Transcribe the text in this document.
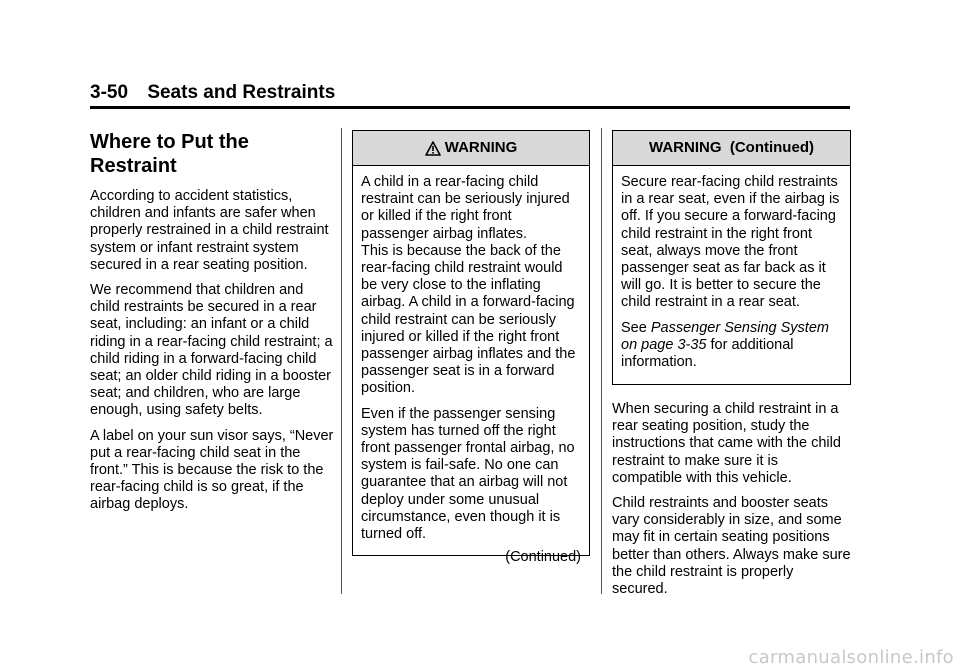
3-50 Seats and Restraints
Where to Put the Restraint

According to accident statistics, children and infants are safer when properly restrained in a child restraint system or infant restraint system secured in a rear seating position.

We recommend that children and child restraints be secured in a rear seat, including: an infant or a child riding in a rear-facing child restraint; a child riding in a forward-facing child seat; an older child riding in a booster seat; and children, who are large enough, using safety belts.

A label on your sun visor says, “Never put a rear-facing child seat in the front.” This is because the risk to the rear-facing child is so great, if the airbag deploys.

WARNING

A child in a rear-facing child restraint can be seriously injured or killed if the right front passenger airbag inflates.

This is because the back of the rear-facing child restraint would be very close to the inflating airbag. A child in a forward-facing child restraint can be seriously injured or killed if the right front passenger airbag inflates and the passenger seat is in a forward position.

Even if the passenger sensing system has turned off the right front passenger frontal airbag, no system is fail-safe. No one can guarantee that an airbag will not deploy under some unusual circumstance, even though it is turned off.

(Continued)
WARNING  (Continued)

Secure rear-facing child restraints in a rear seat, even if the airbag is off. If you secure a forward-facing child restraint in the right front seat, always move the front passenger seat as far back as it will go. It is better to secure the child restraint in a rear seat.

See Passenger Sensing System on page 3-35 for additional information.

When securing a child restraint in a rear seating position, study the instructions that came with the child restraint to make sure it is compatible with this vehicle.

Child restraints and booster seats vary considerably in size, and some may fit in certain seating positions better than others. Always make sure the child restraint is properly secured.

carmanualsonline.info
